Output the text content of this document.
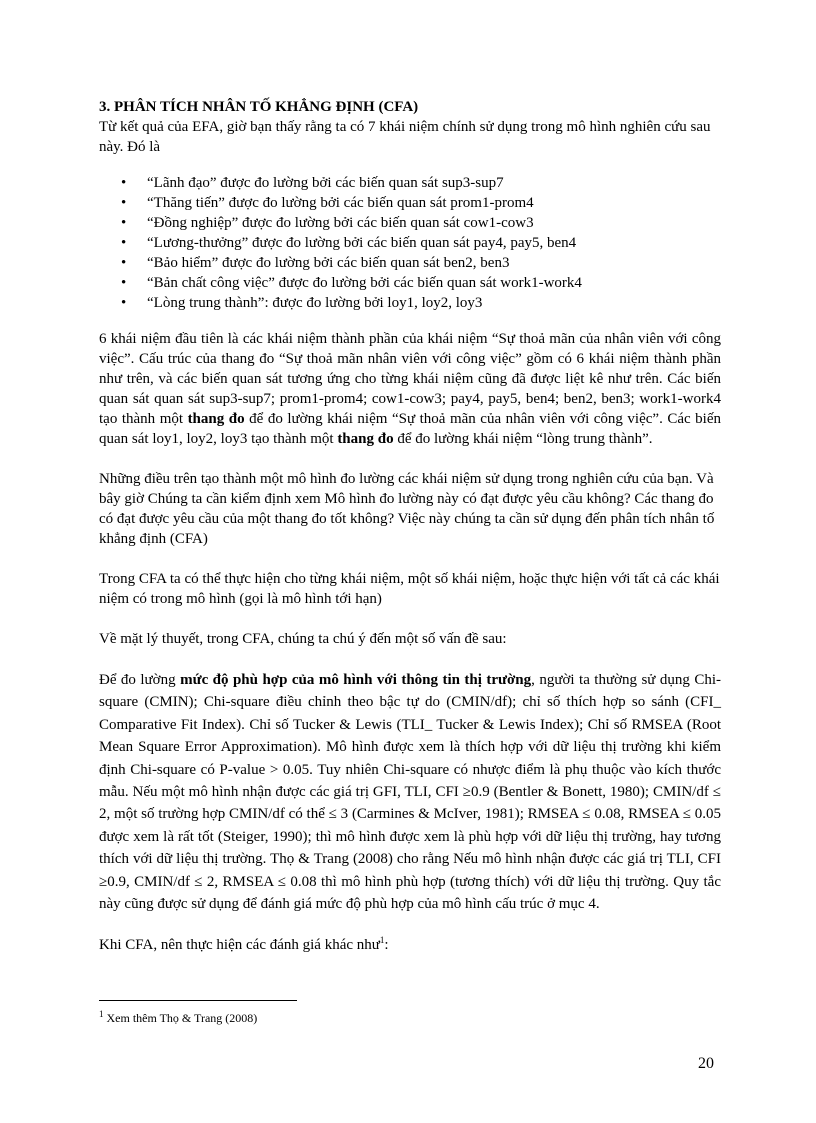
3. PHÂN TÍCH NHÂN TỐ KHẲNG ĐỊNH (CFA)

Từ kết quả của EFA, giờ bạn thấy rằng ta có 7 khái niệm chính sử dụng trong mô hình nghiên cứu sau này. Đó là

• “Lãnh đạo” được đo lường bởi các biến quan sát sup3-sup7
• “Thăng tiến” được đo lường bởi các biến quan sát prom1-prom4
• “Đồng nghiệp” được đo lường bởi các biến quan sát cow1-cow3
• “Lương-thưởng” được đo lường bởi các biến quan sát pay4, pay5, ben4
• “Bảo hiểm” được đo lường bởi các biến quan sát ben2, ben3
• “Bản chất công việc” được đo lường bởi các biến quan sát work1-work4
• “Lòng trung thành”: được đo lường bởi loy1, loy2, loy3

6 khái niệm đầu tiên là các khái niệm thành phần của khái niệm “Sự thoả mãn của nhân viên với công việc”. Cấu trúc của thang đo “Sự thoả mãn nhân viên với công việc” gồm có 6 khái niệm thành phần như trên, và các biến quan sát tương ứng cho từng khái niệm cũng đã được liệt kê như trên. Các biến quan sát quan sát sup3-sup7; prom1-prom4; cow1-cow3; pay4, pay5, ben4; ben2, ben3; work1-work4 tạo thành một thang đo để đo lường khái niệm “Sự thoả mãn của nhân viên với công việc”. Các biến quan sát loy1, loy2, loy3 tạo thành một thang đo để đo lường khái niệm “lòng trung thành”.

Những điều trên tạo thành một mô hình đo lường các khái niệm sử dụng trong nghiên cứu của bạn. Và bây giờ Chúng ta cần kiểm định xem Mô hình đo lường này có đạt được yêu cầu không? Các thang đo có đạt được yêu cầu của một thang đo tốt không? Việc này chúng ta cần sử dụng đến phân tích nhân tố khẳng định (CFA)

Trong CFA ta có thể thực hiện cho từng khái niệm, một số khái niệm, hoặc thực hiện với tất cả các khái niệm có trong mô hình (gọi là mô hình tới hạn)

Về mặt lý thuyết, trong CFA, chúng ta chú ý đến một số vấn đề sau:

Để đo lường mức độ phù hợp của mô hình với thông tin thị trường, người ta thường sử dụng Chi-square (CMIN); Chi-square điều chỉnh theo bậc tự do (CMIN/df); chỉ số thích hợp so sánh (CFI_ Comparative Fit Index). Chỉ số Tucker & Lewis (TLI_ Tucker & Lewis Index); Chỉ số RMSEA (Root Mean Square Error Approximation). Mô hình được xem là thích hợp với dữ liệu thị trường khi kiểm định Chi-square có P-value > 0.05. Tuy nhiên Chi-square có nhược điểm là phụ thuộc vào kích thước mẫu. Nếu một mô hình nhận được các giá trị GFI, TLI, CFI ≥0.9 (Bentler & Bonett, 1980); CMIN/df ≤ 2, một số trường hợp CMIN/df có thể ≤ 3 (Carmines & McIver, 1981); RMSEA ≤ 0.08, RMSEA ≤ 0.05 được xem là rất tốt (Steiger, 1990); thì mô hình được xem là phù hợp với dữ liệu thị trường, hay tương thích với dữ liệu thị trường. Thọ & Trang (2008) cho rằng Nếu mô hình nhận được các giá trị TLI, CFI ≥0.9, CMIN/df ≤ 2, RMSEA ≤ 0.08 thì mô hình phù hợp (tương thích) với dữ liệu thị trường. Quy tắc này cũng được sử dụng để đánh giá mức độ phù hợp của mô hình cấu trúc ở mục 4.

Khi CFA, nên thực hiện các đánh giá khác như$^1$:

$^1$ Xem thêm Thọ & Trang (2008)
20
